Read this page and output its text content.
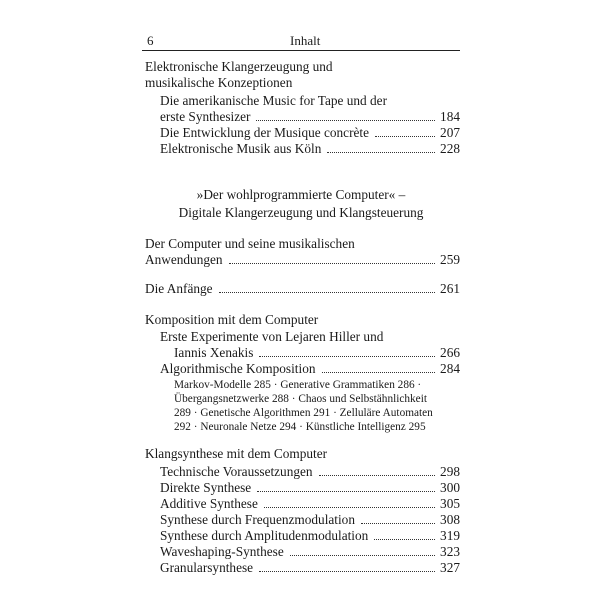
6	Inhalt
Elektronische Klangerzeugung und
musikalische Konzeptionen
Die amerikanische Music for Tape und der
erste Synthesizer	184
Die Entwicklung der Musique concrète	207
Elektronische Musik aus Köln	228
»Der wohlprogrammierte Computer« –
Digitale Klangerzeugung und Klangsteuerung
Der Computer und seine musikalischen
Anwendungen	259
Die Anfänge	261
Komposition mit dem Computer
Erste Experimente von Lejaren Hiller und
Iannis Xenakis	266
Algorithmische Komposition	284
Markov-Modelle 285 · Generative Grammatiken 286 ·
Übergangsnetzwerke 288 · Chaos und Selbstähnlichkeit
289 · Genetische Algorithmen 291 · Zelluläre Automaten
292 · Neuronale Netze 294 · Künstliche Intelligenz 295
Klangsynthese mit dem Computer
Technische Voraussetzungen	298
Direkte Synthese	300
Additive Synthese	305
Synthese durch Frequenzmodulation	308
Synthese durch Amplitudenmodulation	319
Waveshaping-Synthese	323
Granularsynthese	327
